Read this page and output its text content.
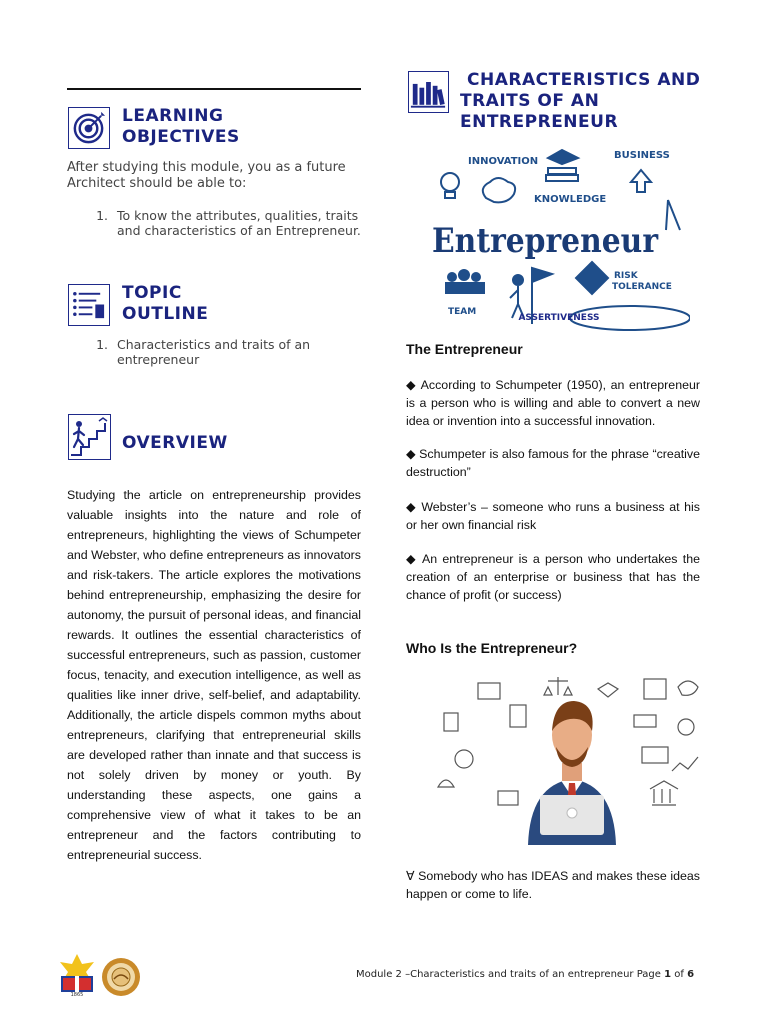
LEARNING OBJECTIVES
After studying this module, you as a future Architect should be able to:
1. To know the attributes, qualities, traits and characteristics of an Entrepreneur.
TOPIC OUTLINE
1. Characteristics and traits of an entrepreneur
OVERVIEW
Studying the article on entrepreneurship provides valuable insights into the nature and role of entrepreneurs, highlighting the views of Schumpeter and Webster, who define entrepreneurs as innovators and risk-takers. The article explores the motivations behind entrepreneurship, emphasizing the desire for autonomy, the pursuit of personal ideas, and financial rewards. It outlines the essential characteristics of successful entrepreneurs, such as passion, customer focus, tenacity, and execution intelligence, as well as qualities like inner drive, self-belief, and adaptability. Additionally, the article dispels common myths about entrepreneurs, clarifying that entrepreneurial skills are developed rather than innate and that success is not solely driven by money or youth. By understanding these aspects, one gains a comprehensive view of what it takes to be an entrepreneur and the factors contributing to entrepreneurial success.
CHARACTERISTICS AND TRAITS OF AN ENTREPRENEUR
ASSERTIVENESS
INNOVATION
BUSINESS
KNOWLEDGE
Entrepreneur
RISK
TOLERANCE
TEAM
The Entrepreneur
◆ According to Schumpeter (1950), an entrepreneur is a person who is willing and able to convert a new idea or invention into a successful innovation.
◆ Schumpeter is also famous for the phrase “creative destruction”
◆ Webster’s – someone who runs a business at his or her own financial risk
◆ An entrepreneur is a person who undertakes the creation of an enterprise or business that has the chance of profit (or success)
Who Is the Entrepreneur?
∀ Somebody who has IDEAS and makes these ideas happen or come to life.
1865
Module 2 –Characteristics and traits of an entrepreneur Page 1 of 6
